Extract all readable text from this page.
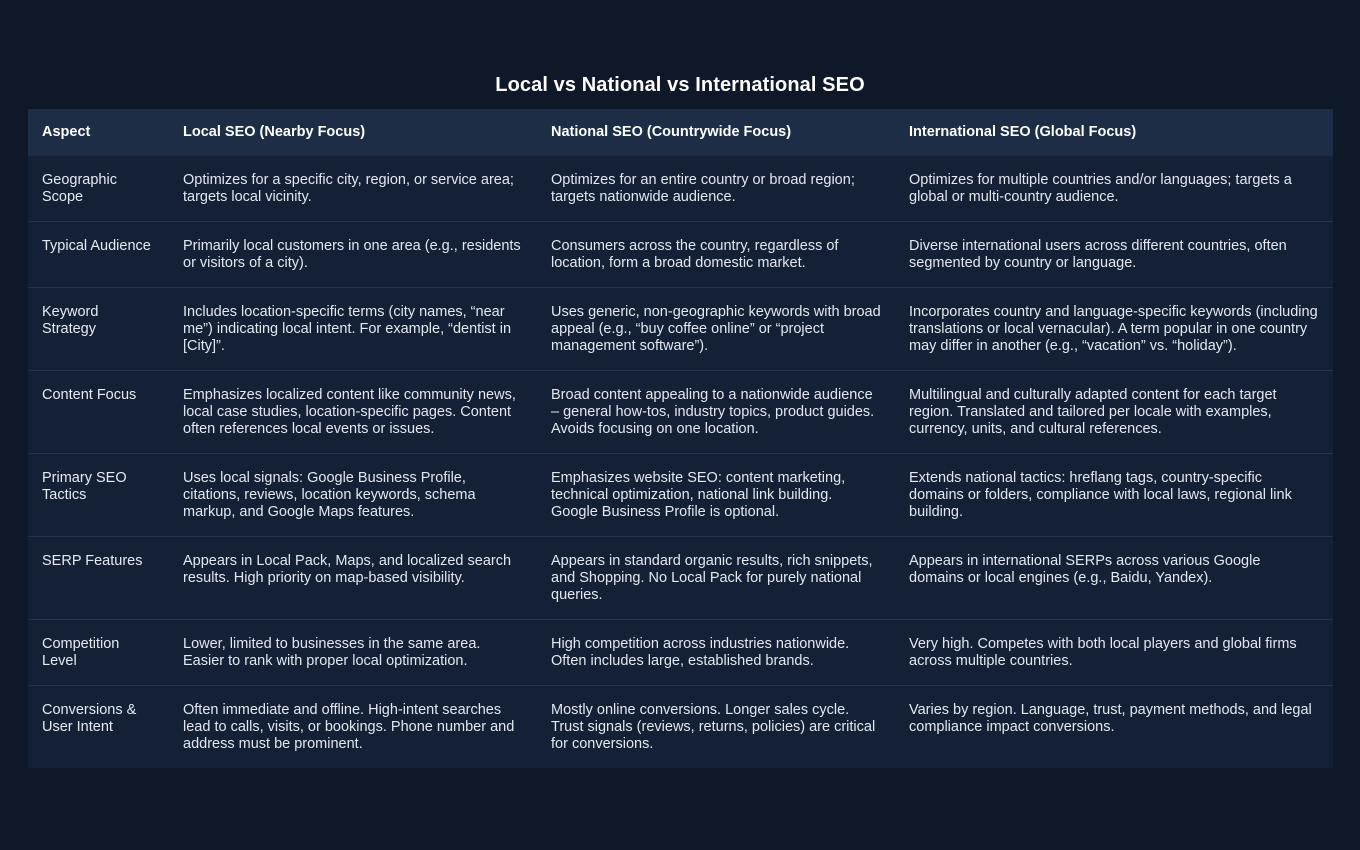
Local vs National vs International SEO
Aspect	Local SEO (Nearby Focus)	National SEO (Countrywide Focus)	International SEO (Global Focus)
Geographic Scope	Optimizes for a specific city, region, or service area; targets local vicinity.	Optimizes for an entire country or broad region; targets nationwide audience.	Optimizes for multiple countries and/or languages; targets a global or multi-country audience.
Typical Audience	Primarily local customers in one area (e.g., residents or visitors of a city).	Consumers across the country, regardless of location, form a broad domestic market.	Diverse international users across different countries, often segmented by country or language.
Keyword Strategy	Includes location-specific terms (city names, “near me”) indicating local intent. For example, “dentist in [City]”.	Uses generic, non-geographic keywords with broad appeal (e.g., “buy coffee online” or “project management software”).	Incorporates country and language-specific keywords (including translations or local vernacular). A term popular in one country may differ in another (e.g., “vacation” vs. “holiday”).
Content Focus	Emphasizes localized content like community news, local case studies, location-specific pages. Content often references local events or issues.	Broad content appealing to a nationwide audience – general how-tos, industry topics, product guides. Avoids focusing on one location.	Multilingual and culturally adapted content for each target region. Translated and tailored per locale with examples, currency, units, and cultural references.
Primary SEO Tactics	Uses local signals: Google Business Profile, citations, reviews, location keywords, schema markup, and Google Maps features.	Emphasizes website SEO: content marketing, technical optimization, national link building. Google Business Profile is optional.	Extends national tactics: hreflang tags, country-specific domains or folders, compliance with local laws, regional link building.
SERP Features	Appears in Local Pack, Maps, and localized search results. High priority on map-based visibility.	Appears in standard organic results, rich snippets, and Shopping. No Local Pack for purely national queries.	Appears in international SERPs across various Google domains or local engines (e.g., Baidu, Yandex).
Competition Level	Lower, limited to businesses in the same area. Easier to rank with proper local optimization.	High competition across industries nationwide. Often includes large, established brands.	Very high. Competes with both local players and global firms across multiple countries.
Conversions & User Intent	Often immediate and offline. High-intent searches lead to calls, visits, or bookings. Phone number and address must be prominent.	Mostly online conversions. Longer sales cycle. Trust signals (reviews, returns, policies) are critical for conversions.	Varies by region. Language, trust, payment methods, and legal compliance impact conversions.
